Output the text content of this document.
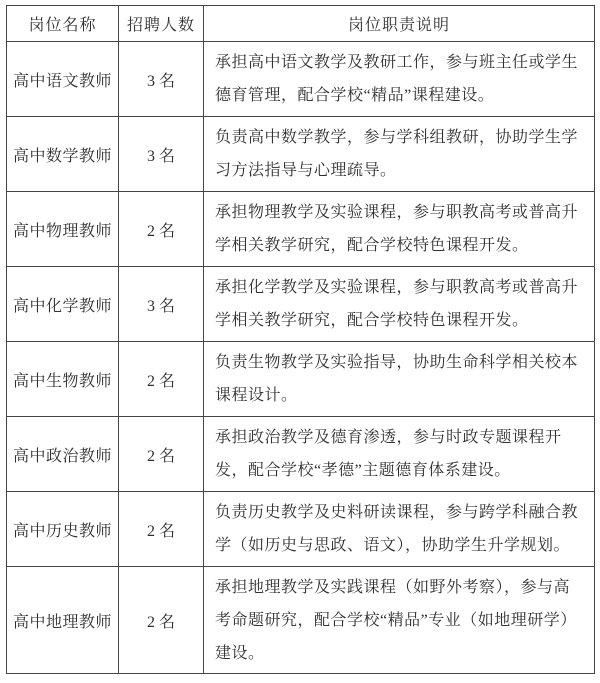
岗位名称	招聘人数	岗位职责说明
高中语文教师	3 名	承担高中语文教学及教研工作，参与班主任或学生德育管理，配合学校“精品”课程建设。
高中数学教师	3 名	负责高中数学教学，参与学科组教研，协助学生学习方法指导与心理疏导。
高中物理教师	2 名	承担物理教学及实验课程，参与职教高考或普高升学相关教学研究，配合学校特色课程开发。
高中化学教师	3 名	承担化学教学及实验课程，参与职教高考或普高升学相关教学研究，配合学校特色课程开发。
高中生物教师	2 名	负责生物教学及实验指导，协助生命科学相关校本课程设计。
高中政治教师	2 名	承担政治教学及德育渗透，参与时政专题课程开发，配合学校“孝德”主题德育体系建设。
高中历史教师	2 名	负责历史教学及史料研读课程，参与跨学科融合教学（如历史与思政、语文），协助学生升学规划。
高中地理教师	2 名	承担地理教学及实践课程（如野外考察），参与高考命题研究，配合学校“精品”专业（如地理研学）建设。
